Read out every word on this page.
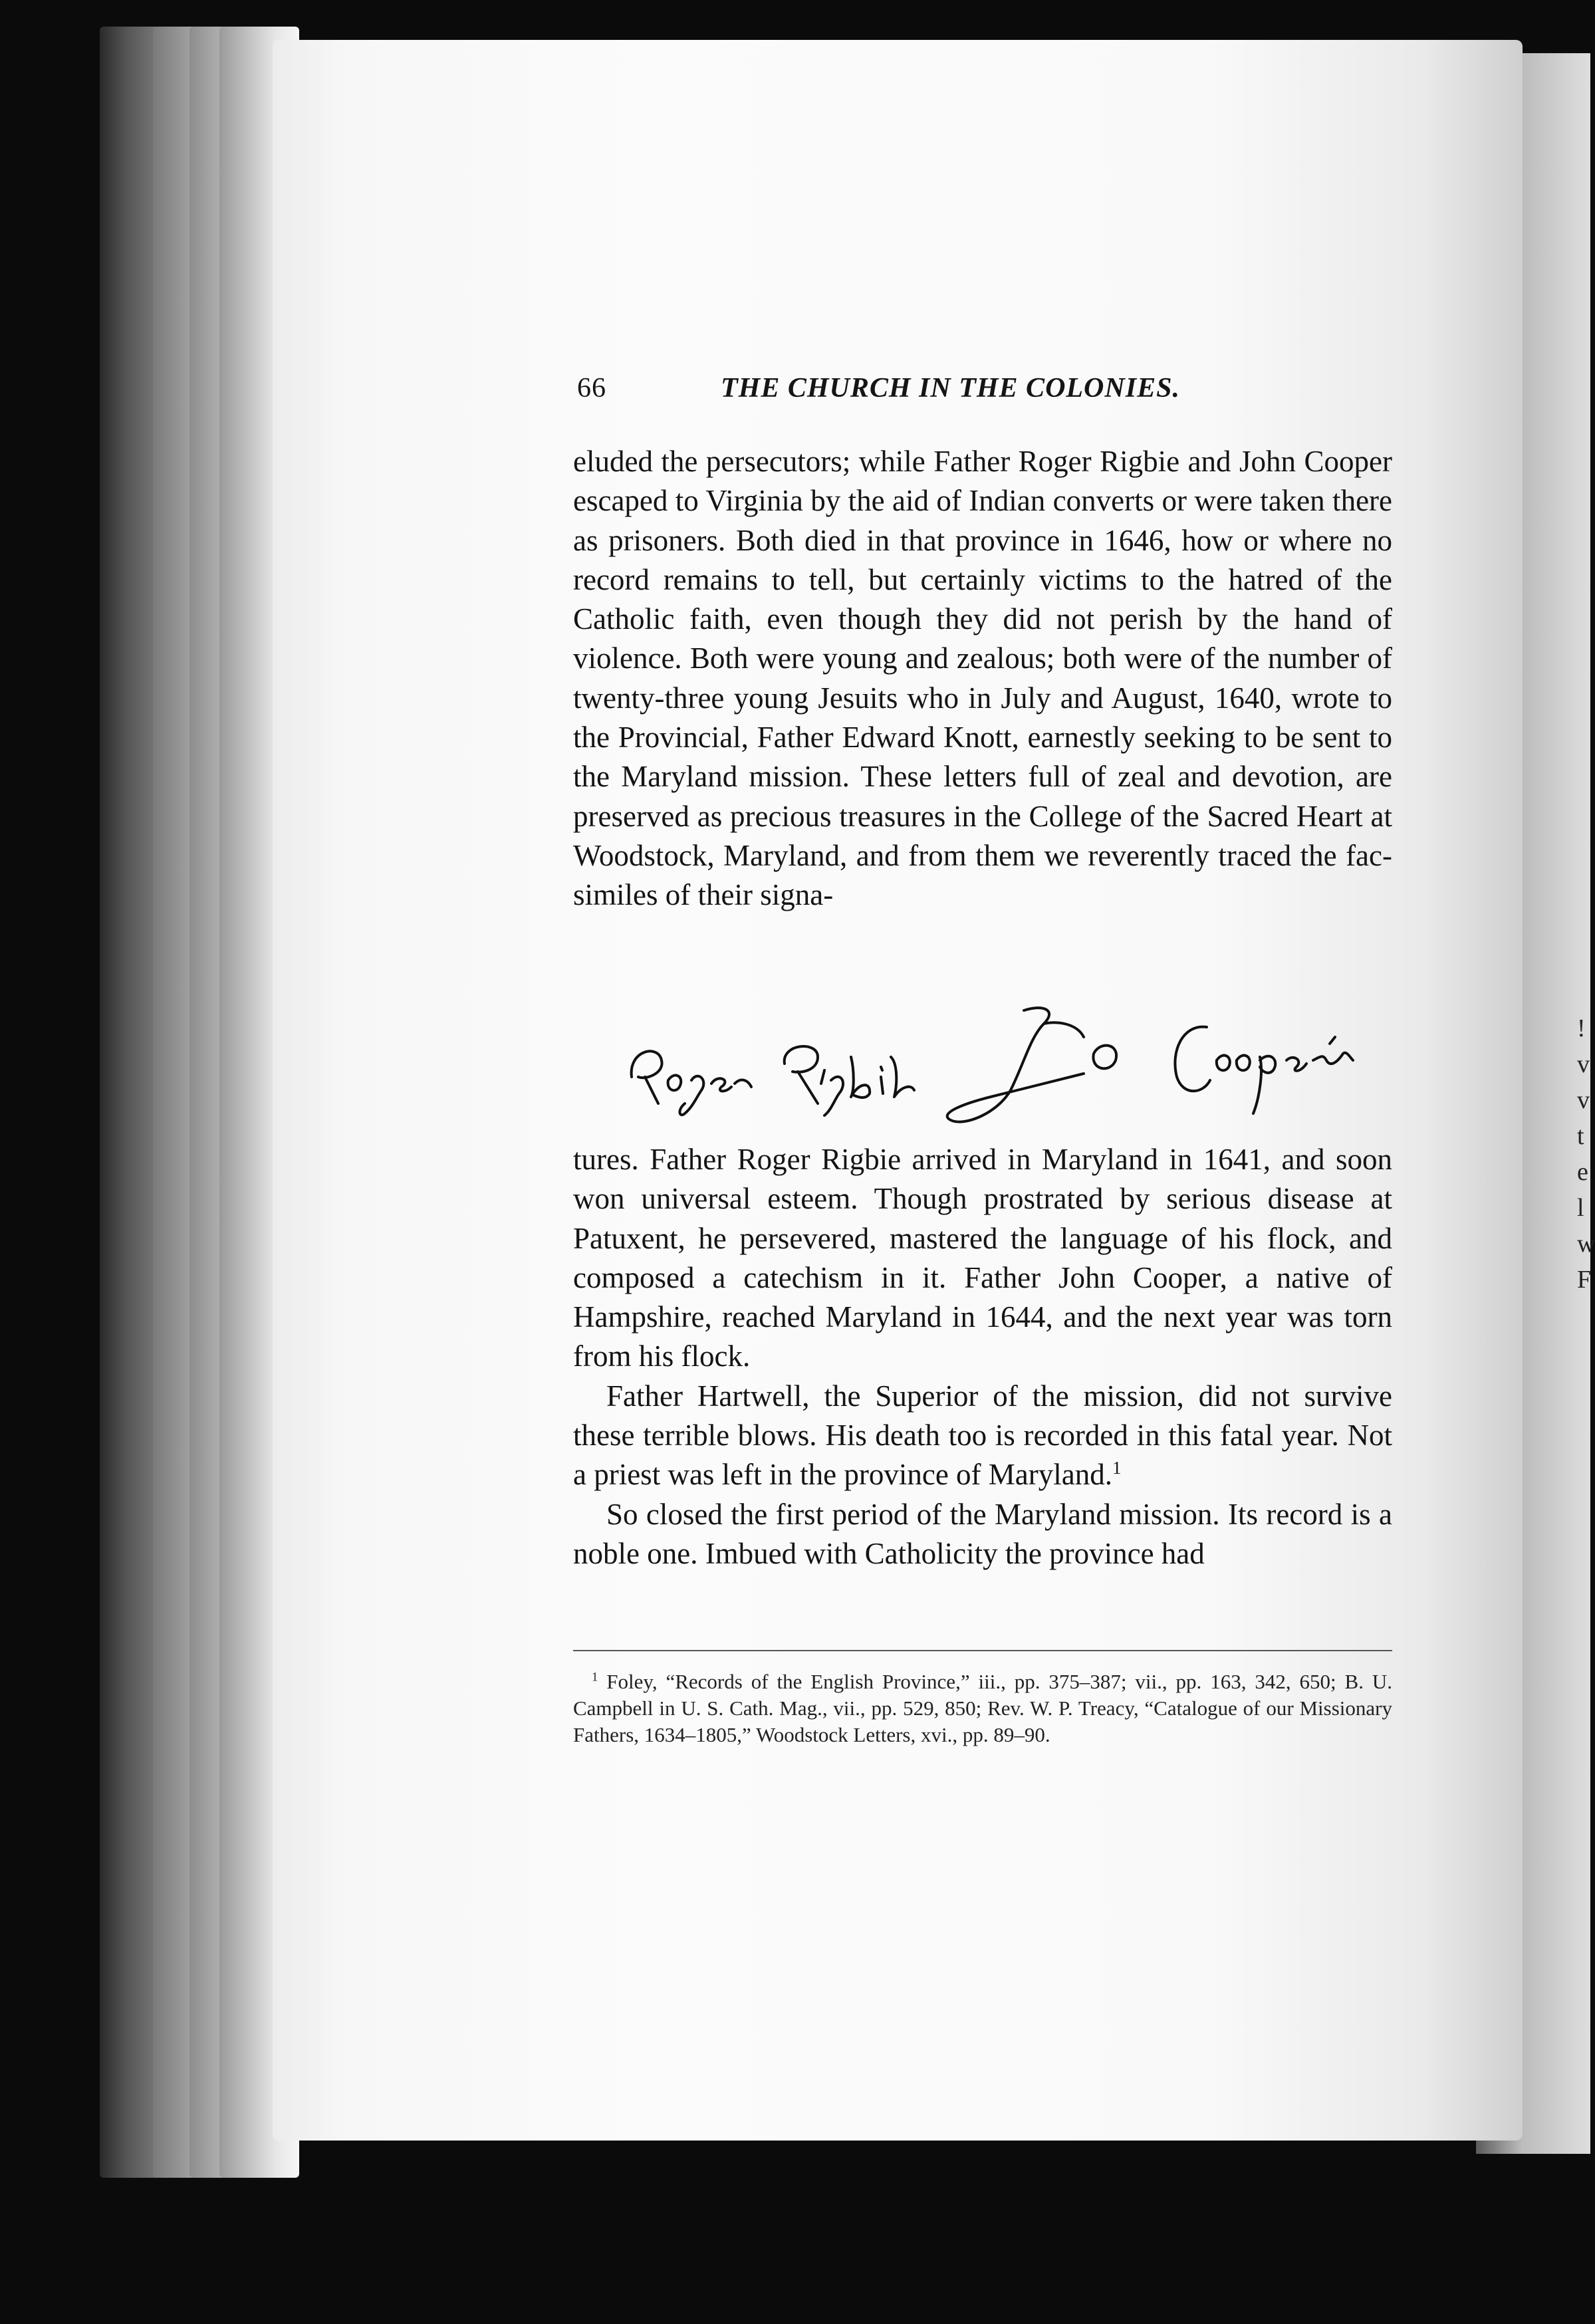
!
v
v
t
e
l
w
F
66	THE CHURCH IN THE COLONIES.

eluded the persecutors; while Father Roger Rigbie and John Cooper escaped to Virginia by the aid of Indian converts or were taken there as prisoners. Both died in that province in 1646, how or where no record remains to tell, but certainly victims to the hatred of the Catholic faith, even though they did not perish by the hand of violence. Both were young and zealous; both were of the number of twenty-three young Jesuits who in July and August, 1640, wrote to the Provincial, Father Edward Knott, earnestly seeking to be sent to the Maryland mission. These letters full of zeal and devotion, are preserved as precious treasures in the College of the Sacred Heart at Woodstock, Maryland, and from them we reverently traced the fac-similes of their signa-

tures. Father Roger Rigbie arrived in Maryland in 1641, and soon won universal esteem. Though prostrated by serious disease at Patuxent, he persevered, mastered the language of his flock, and composed a catechism in it. Father John Cooper, a native of Hampshire, reached Maryland in 1644, and the next year was torn from his flock.

Father Hartwell, the Superior of the mission, did not survive these terrible blows. His death too is recorded in this fatal year. Not a priest was left in the province of Maryland.$^1$

So closed the first period of the Maryland mission. Its record is a noble one. Imbued with Catholicity the province had

$^1$ Foley, “Records of the English Province,” iii., pp. 375–387; vii., pp. 163, 342, 650; B. U. Campbell in U. S. Cath. Mag., vii., pp. 529, 850; Rev. W. P. Treacy, “Catalogue of our Missionary Fathers, 1634–1805,” Woodstock Letters, xvi., pp. 89–90.
